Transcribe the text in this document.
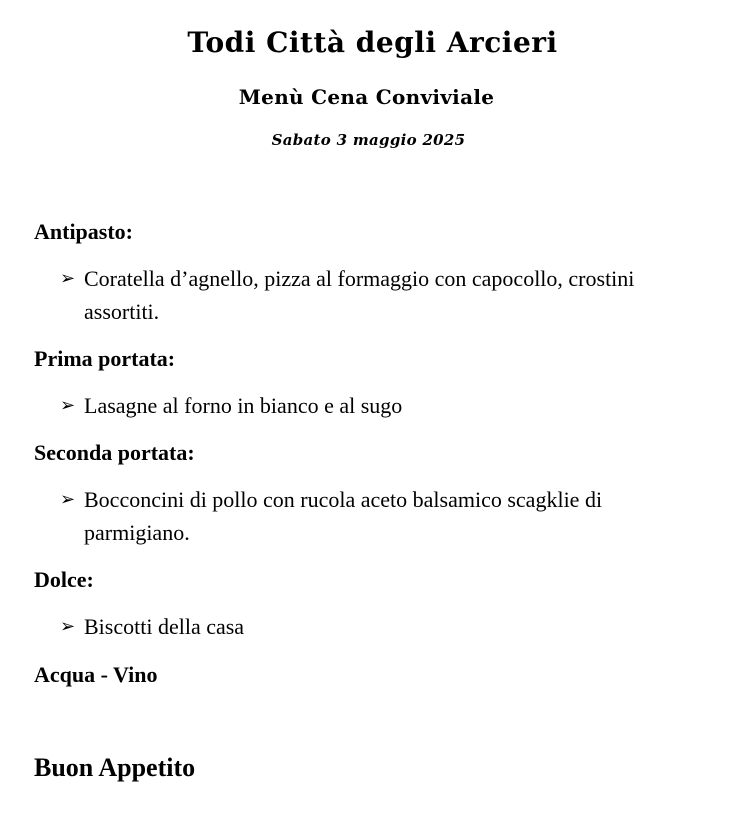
Todi Città degli Arcieri
Menù Cena Conviviale
Sabato 3 maggio 2025
Antipasto:
➢ Coratella d’agnello, pizza al formaggio con capocollo, crostini assortiti.
Prima portata:
➢ Lasagne al forno in bianco e al sugo
Seconda portata:
➢ Bocconcini di pollo con rucola aceto balsamico scagklie di parmigiano.
Dolce:
➢ Biscotti della casa
Acqua - Vino
Buon Appetito
